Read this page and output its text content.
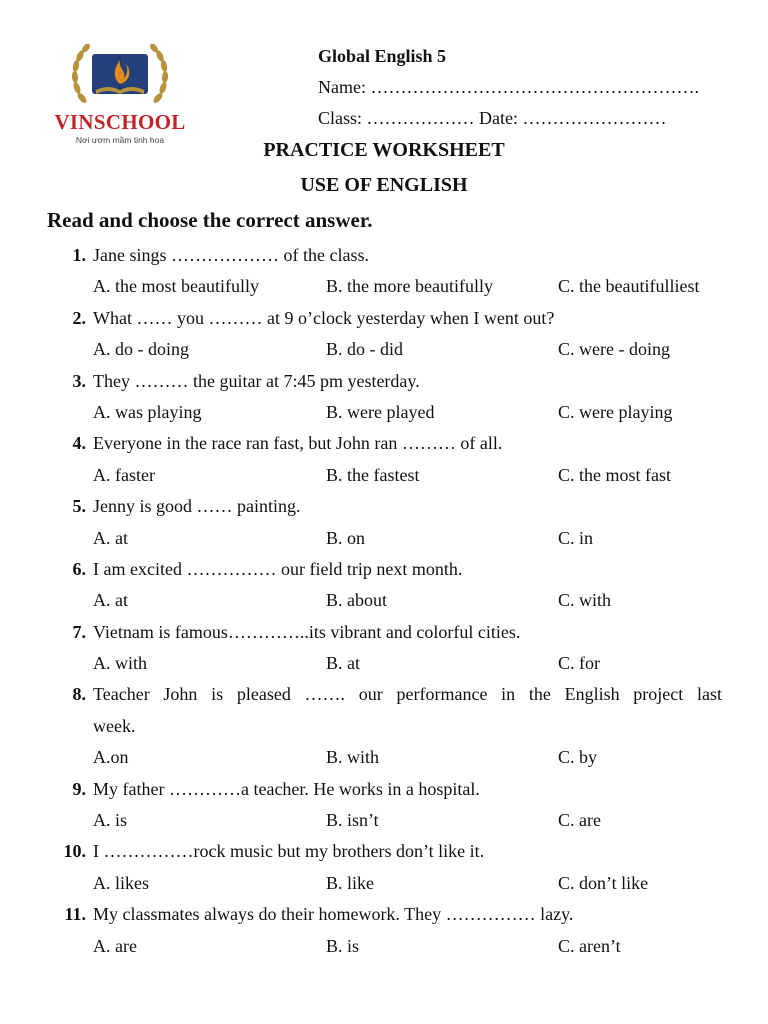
VINSCHOOL
Nơi ươm mầm tinh hoa
Global English 5
Name: ……………………………………………….
Class: ……………… Date: ……………………
PRACTICE WORKSHEET
USE OF ENGLISH
Read and choose the correct answer.
1. Jane sings ……………… of the class.
A. the most beautifully	B. the more beautifully	C. the beautifulliest
2. What …… you ……… at 9 o’clock yesterday when I went out?
A. do - doing	B. do - did	C. were - doing
3. They ……… the guitar at 7:45 pm yesterday.
A. was playing	B. were played	C. were playing
4. Everyone in the race ran fast, but John ran ……… of all.
A. faster	B. the fastest	C. the most fast
5. Jenny is good …… painting.
A. at	B. on	C. in
6. I am excited …………… our field trip next month.
A. at	B. about	C. with
7. Vietnam is famous…………..its vibrant and colorful cities.
A. with	B. at	C. for
8. Teacher John is pleased ……. our performance in the English project last
week.
A.on	B. with	C. by
9. My father …………a teacher. He works in a hospital.
A. is	B. isn’t	C. are
10. I ……………rock music but my brothers don’t like it.
A. likes	B. like	C. don’t like
11. My classmates always do their homework. They …………… lazy.
A. are	B. is	C. aren’t
